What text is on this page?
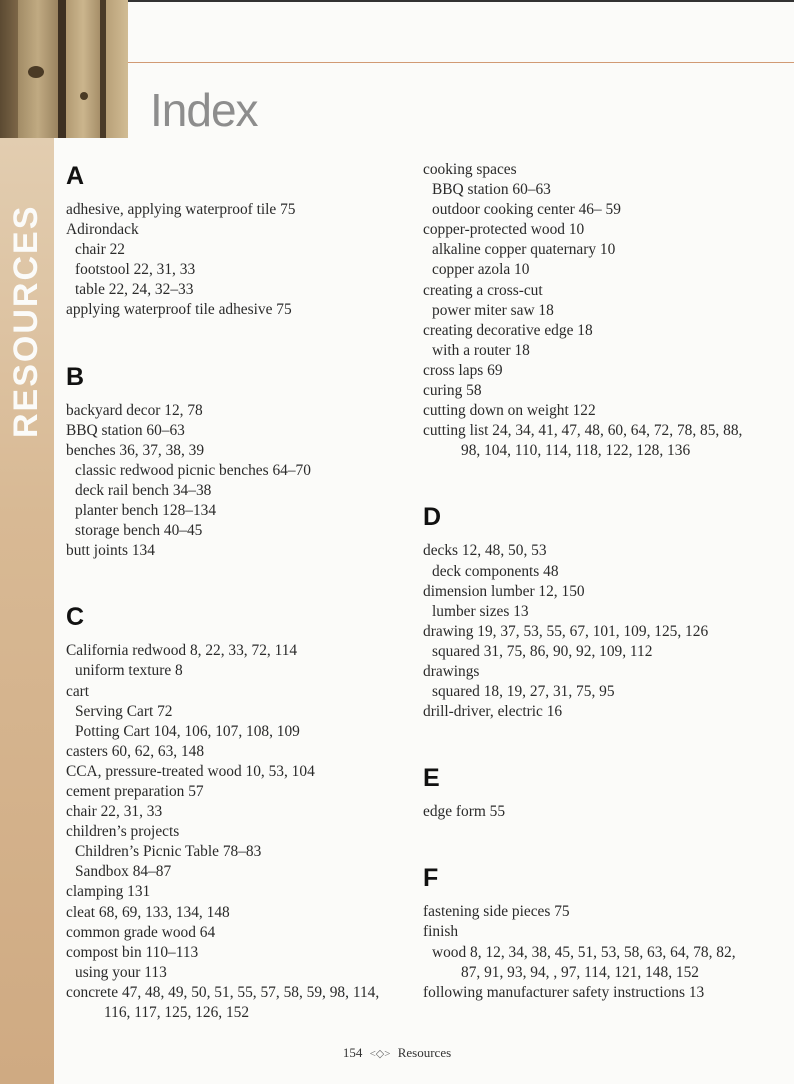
RESOURCES
Index
A
adhesive, applying waterproof tile 75
Adirondack
chair 22
footstool 22, 31, 33
table 22, 24, 32–33
applying waterproof tile adhesive 75
B
backyard decor 12, 78
BBQ station 60–63
benches 36, 37, 38, 39
classic redwood picnic benches 64–70
deck rail bench 34–38
planter bench 128–134
storage bench 40–45
butt joints 134
C
California redwood 8, 22, 33, 72, 114
uniform texture 8
cart
Serving Cart 72
Potting Cart 104, 106, 107, 108, 109
casters 60, 62, 63, 148
CCA, pressure-treated wood 10, 53, 104
cement preparation 57
chair 22, 31, 33
children’s projects
Children’s Picnic Table 78–83
Sandbox 84–87
clamping 131
cleat 68, 69, 133, 134, 148
common grade wood 64
compost bin 110–113
using your 113
concrete 47, 48, 49, 50, 51, 55, 57, 58, 59, 98, 114,
116, 117, 125, 126, 152
cooking spaces
BBQ station 60–63
outdoor cooking center 46– 59
copper-protected wood 10
alkaline copper quaternary 10
copper azola 10
creating a cross-cut
power miter saw 18
creating decorative edge 18
with a router 18
cross laps 69
curing 58
cutting down on weight 122
cutting list 24, 34, 41, 47, 48, 60, 64, 72, 78, 85, 88,
98, 104, 110, 114, 118, 122, 128, 136
D
decks 12, 48, 50, 53
deck components 48
dimension lumber 12, 150
lumber sizes 13
drawing 19, 37, 53, 55, 67, 101, 109, 125, 126
squared 31, 75, 86, 90, 92, 109, 112
drawings
squared 18, 19, 27, 31, 75, 95
drill-driver, electric 16
E
edge form 55
F
fastening side pieces 75
finish
wood 8, 12, 34, 38, 45, 51, 53, 58, 63, 64, 78, 82,
87, 91, 93, 94, , 97, 114, 121, 148, 152
following manufacturer safety instructions 13
154 <◇> Resources
